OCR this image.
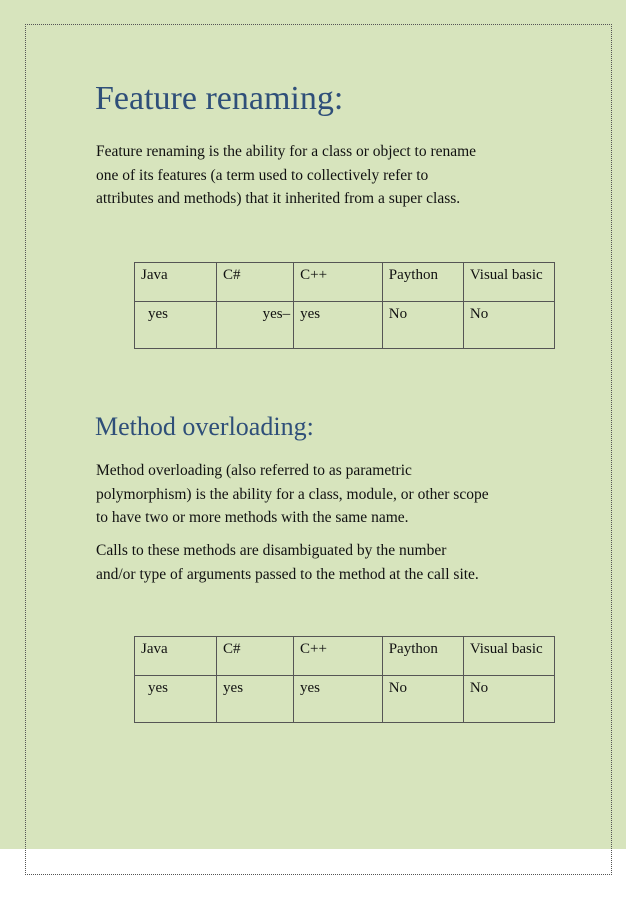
Feature renaming:

Feature renaming is the ability for a class or object to rename
one of its features (a term used to collectively refer to
attributes and methods) that it inherited from a super class.

Java	C#	C++	Paython	Visual basic
yes	yes–	yes	No	No
Method overloading:

Method overloading (also referred to as parametric
polymorphism) is the ability for a class, module, or other scope
to have two or more methods with the same name.

Calls to these methods are disambiguated by the number
and/or type of arguments passed to the method at the call site.

Java	C#	C++	Paython	Visual basic
yes	yes	yes	No	No
